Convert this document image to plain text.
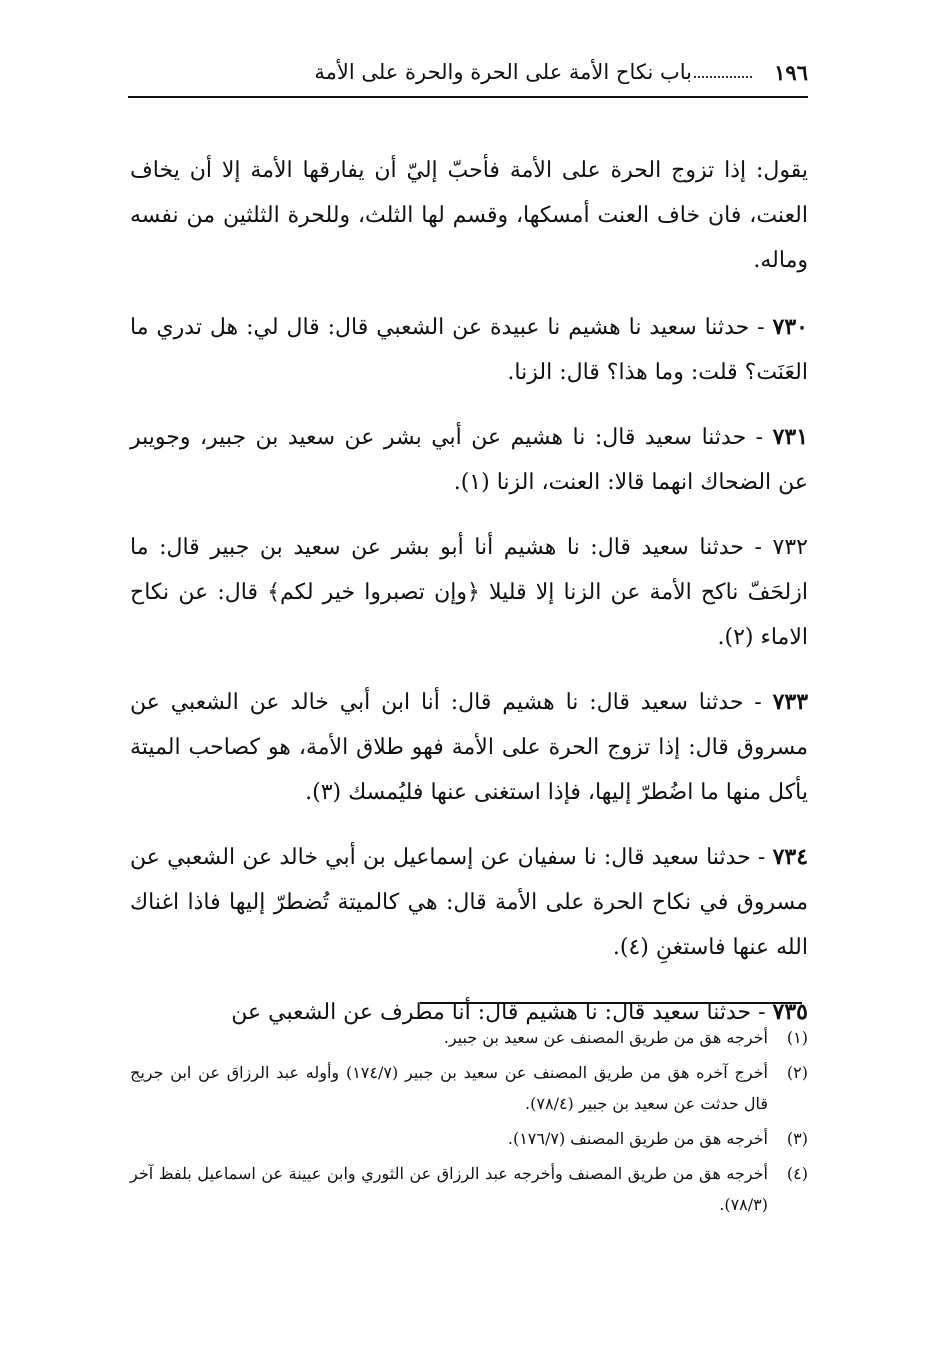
١٩٦
باب نكاح الأمة على الحرة والحرة على الأمة

يقول: إذا تزوج الحرة على الأمة فأحبّ إليّ أن يفارقها الأمة إلا أن يخاف العنت، فان خاف العنت أمسكها، وقسم لها الثلث، وللحرة الثلثين من نفسه وماله.

٧٣٠ - حدثنا سعيد نا هشيم نا عبيدة عن الشعبي قال: قال لي: هل تدري ما العَنَت؟ قلت: وما هذا؟ قال: الزنا.

٧٣١ - حدثنا سعيد قال: نا هشيم عن أبي بشر عن سعيد بن جبير، وجويبر عن الضحاك انهما قالا: العنت، الزنا (١).

٧٣٢ - حدثنا سعيد قال: نا هشيم أنا أبو بشر عن سعيد بن جبير قال: ما ازلحَفّ ناكح الأمة عن الزنا إلا قليلا ﴿وإن تصبروا خير لكم﴾ قال: عن نكاح الاماء (٢).

٧٣٣ - حدثنا سعيد قال: نا هشيم قال: أنا ابن أبي خالد عن الشعبي عن مسروق قال: إذا تزوج الحرة على الأمة فهو طلاق الأمة، هو كصاحب الميتة يأكل منها ما اضُطرّ إليها، فإذا استغنى عنها فليُمسك (٣).

٧٣٤ - حدثنا سعيد قال: نا سفيان عن إسماعيل بن أبي خالد عن الشعبي عن مسروق في نكاح الحرة على الأمة قال: هي كالميتة تُضطرّ إليها فاذا اغناك الله عنها فاستغنِ (٤).

٧٣٥ - حدثنا سعيد قال: نا هشيم قال: أنا مطرف عن الشعبي عن

(١)أخرجه هق من طريق المصنف عن سعيد بن جبير.

(٢)أخرج آخره هق من طريق المصنف عن سعيد بن جبير (١٧٤/٧) وأوله عبد الرزاق عن ابن جريج قال حدثت عن سعيد بن جبير (٧٨/٤).

(٣)أخرجه هق من طريق المصنف (١٧٦/٧).

(٤)أخرجه هق من طريق المصنف وأخرجه عبد الرزاق عن الثوري وابن عيينة عن اسماعيل بلفظ آخر (٧٨/٣).
